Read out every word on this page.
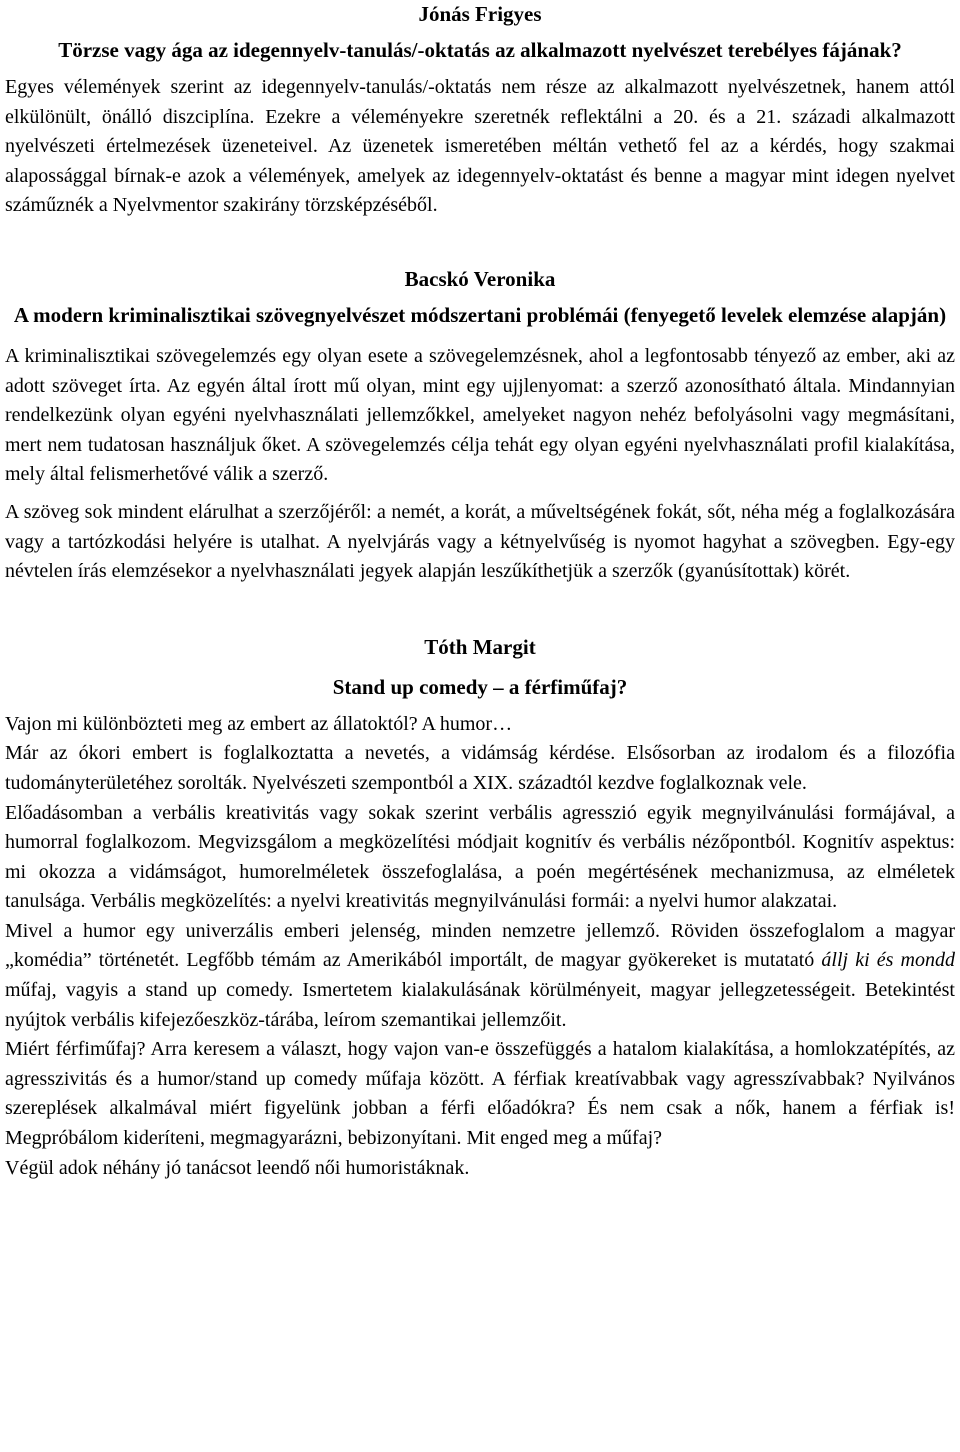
Jónás Frigyes
Törzse vagy ága az idegennyelv-tanulás/-oktatás az alkalmazott nyelvészet terebélyes fájának?

Egyes vélemények szerint az idegennyelv-tanulás/-oktatás nem része az alkalmazott nyelvészetnek, hanem attól elkülönült, önálló diszciplína. Ezekre a véleményekre szeretnék reflektálni a 20. és a 21. századi alkalmazott nyelvészeti értelmezések üzeneteivel. Az üzenetek ismeretében méltán vethető fel az a kérdés, hogy szakmai alapossággal bírnak-e azok a vélemények, amelyek az idegennyelv-oktatást és benne a magyar mint idegen nyelvet száműznék a Nyelvmentor szakirány törzsképzéséből.

Bacskó Veronika
A modern kriminalisztikai szövegnyelvészet módszertani problémái (fenyegető levelek elemzése alapján)

A kriminalisztikai szövegelemzés egy olyan esete a szövegelemzésnek, ahol a legfontosabb tényező az ember, aki az adott szöveget írta. Az egyén által írott mű olyan, mint egy ujjlenyomat: a szerző azonosítható általa. Mindannyian rendelkezünk olyan egyéni nyelvhasználati jellemzőkkel, amelyeket nagyon nehéz befolyásolni vagy megmásítani, mert nem tudatosan használjuk őket. A szövegelemzés célja tehát egy olyan egyéni nyelvhasználati profil kialakítása, mely által felismerhetővé válik a szerző.

A szöveg sok mindent elárulhat a szerzőjéről: a nemét, a korát, a műveltségének fokát, sőt, néha még a foglalkozására vagy a tartózkodási helyére is utalhat. A nyelvjárás vagy a kétnyelvűség is nyomot hagyhat a szövegben. Egy-egy névtelen írás elemzésekor a nyelvhasználati jegyek alapján leszűkíthetjük a szerzők (gyanúsítottak) körét.

Tóth Margit
Stand up comedy – a férfiműfaj?

Vajon mi különbözteti meg az embert az állatoktól? A humor…

Már az ókori embert is foglalkoztatta a nevetés, a vidámság kérdése. Elsősorban az irodalom és a filozófia tudományterületéhez sorolták. Nyelvészeti szempontból a XIX. századtól kezdve foglalkoznak vele.

Előadásomban a verbális kreativitás vagy sokak szerint verbális agresszió egyik megnyilvánulási formájával, a humorral foglalkozom. Megvizsgálom a megközelítési módjait kognitív és verbális nézőpontból. Kognitív aspektus: mi okozza a vidámságot, humorelméletek összefoglalása, a poén megértésének mechanizmusa, az elméletek tanulsága. Verbális megközelítés: a nyelvi kreativitás megnyilvánulási formái: a nyelvi humor alakzatai.

Mivel a humor egy univerzális emberi jelenség, minden nemzetre jellemző. Röviden összefoglalom a magyar „komédia” történetét. Legfőbb témám az Amerikából importált, de magyar gyökereket is mutatató állj ki és mondd műfaj, vagyis a stand up comedy. Ismertetem kialakulásának körülményeit, magyar jellegzetességeit. Betekintést nyújtok verbális kifejezőeszköz-tárába, leírom szemantikai jellemzőit.

Miért férfiműfaj? Arra keresem a választ, hogy vajon van-e összefüggés a hatalom kialakítása, a homlokzatépítés, az agresszivitás és a humor/stand up comedy műfaja között. A férfiak kreatívabbak vagy agresszívabbak? Nyilvános szereplések alkalmával miért figyelünk jobban a férfi előadókra? És nem csak a nők, hanem a férfiak is! Megpróbálom kideríteni, megmagyarázni, bebizonyítani. Mit enged meg a műfaj?

Végül adok néhány jó tanácsot leendő női humoristáknak.
